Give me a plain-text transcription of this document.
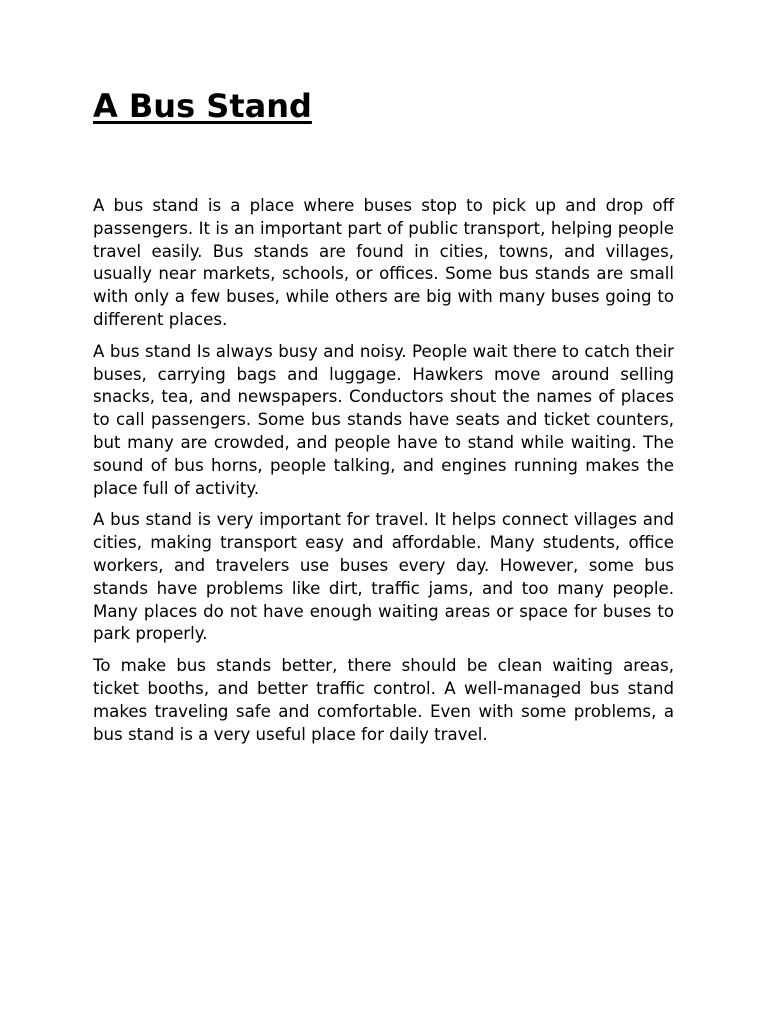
A Bus Stand

A bus stand is a place where buses stop to pick up and drop off passengers. It is an important part of public transport, helping people travel easily. Bus stands are found in cities, towns, and villages, usually near markets, schools, or offices. Some bus stands are small with only a few buses, while others are big with many buses going to different places.

A bus stand Is always busy and noisy. People wait there to catch their buses, carrying bags and luggage. Hawkers move around selling snacks, tea, and newspapers. Conductors shout the names of places to call passengers. Some bus stands have seats and ticket counters, but many are crowded, and people have to stand while waiting. The sound of bus horns, people talking, and engines running makes the place full of activity.

A bus stand is very important for travel. It helps connect villages and cities, making transport easy and affordable. Many students, office workers, and travelers use buses every day. However, some bus stands have problems like dirt, traffic jams, and too many people. Many places do not have enough waiting areas or space for buses to park properly.

To make bus stands better, there should be clean waiting areas, ticket booths, and better traffic control. A well-managed bus stand makes traveling safe and comfortable. Even with some problems, a bus stand is a very useful place for daily travel.
